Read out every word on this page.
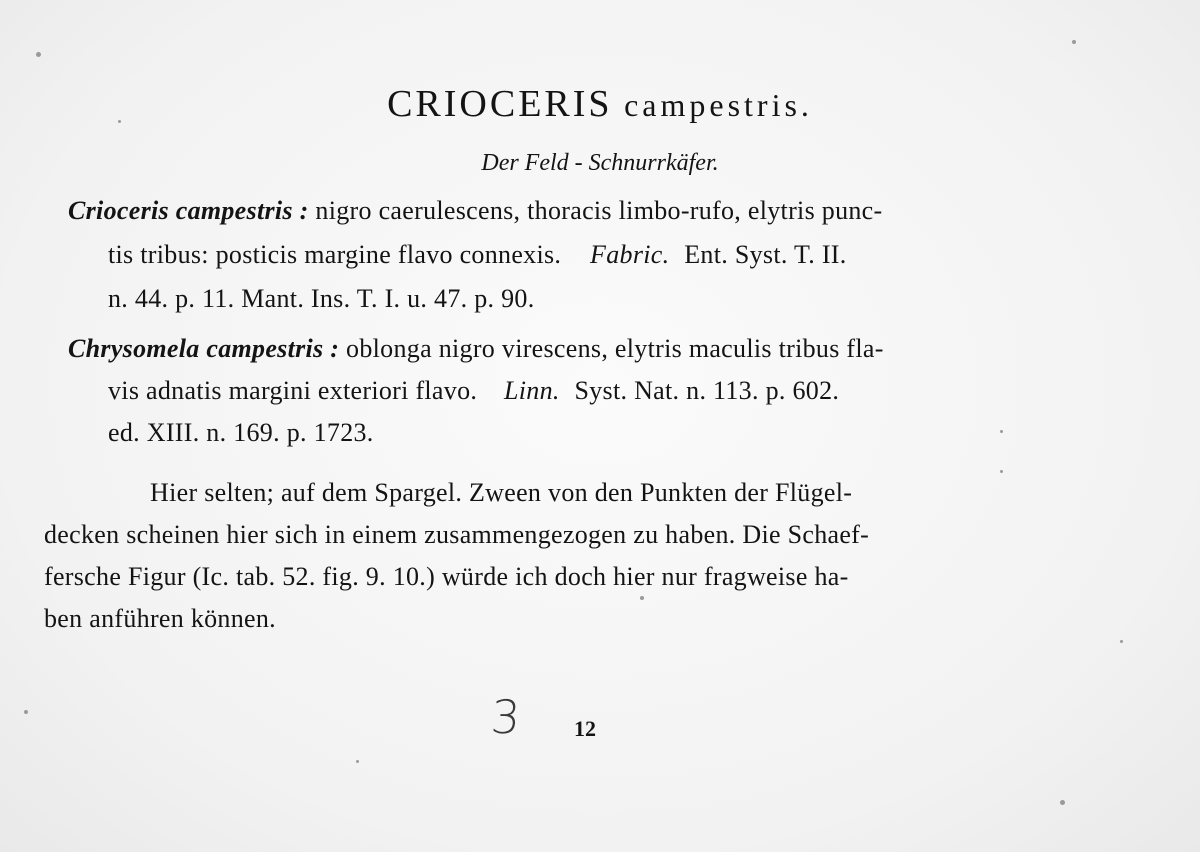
CRIOCERIS campestris.
Der Feld - Schnurrkäfer.
Crioceris campestris : nigro caerulescens, thoracis limbo-rufo, elytris punc-
tis tribus: posticis margine flavo connexis. Fabric. Ent. Syst. T. II.
n. 44. p. 11. Mant. Ins. T. I. u. 47. p. 90.
Chrysomela campestris : oblonga nigro virescens, elytris maculis tribus fla-
vis adnatis margini exteriori flavo. Linn. Syst. Nat. n. 113. p. 602.
ed. XIII. n. 169. p. 1723.
Hier selten; auf dem Spargel. Zween von den Punkten der Flügel-
decken scheinen hier sich in einem zusammengezogen zu haben. Die Schaef-
fersche Figur (Ic. tab. 52. fig. 9. 10.) würde ich doch hier nur fragweise ha-
ben anführen können.
3 12
